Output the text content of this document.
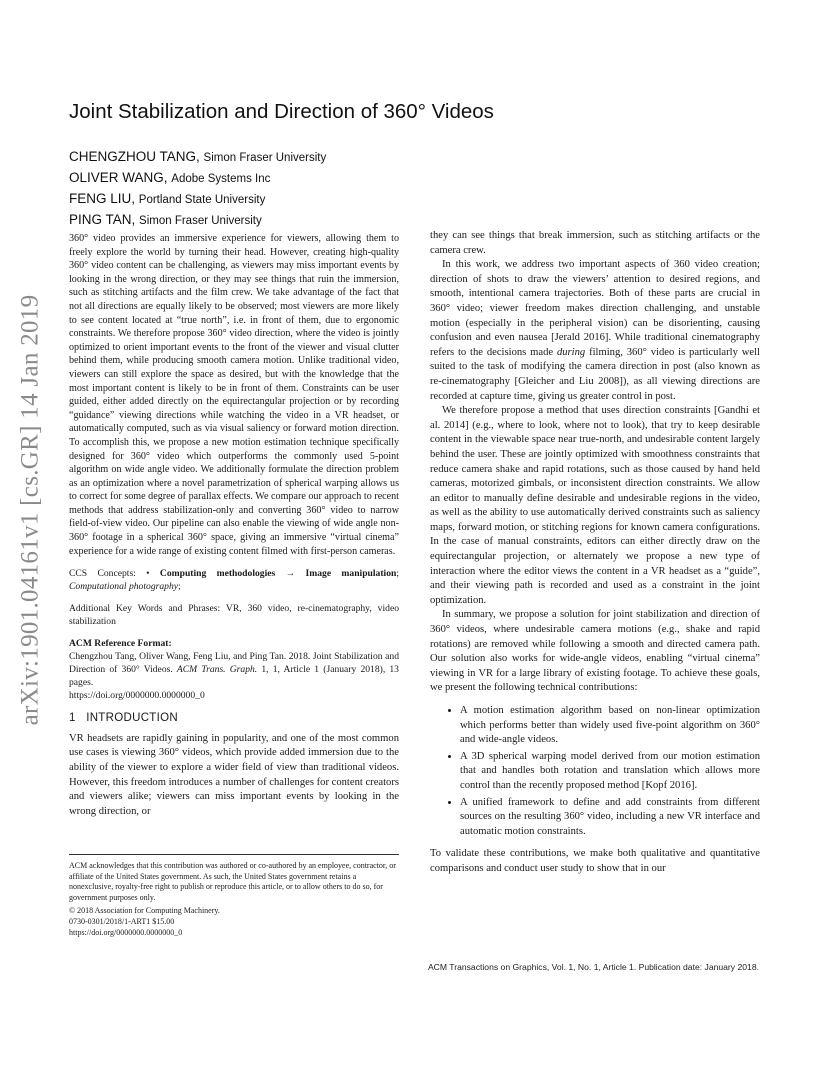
arXiv:1901.04161v1 [cs.GR] 14 Jan 2019
Joint Stabilization and Direction of 360° Videos
CHENGZHOU TANG, Simon Fraser University
OLIVER WANG, Adobe Systems Inc
FENG LIU, Portland State University
PING TAN, Simon Fraser University

360° video provides an immersive experience for viewers, allowing them to freely explore the world by turning their head. However, creating high-quality 360° video content can be challenging, as viewers may miss important events by looking in the wrong direction, or they may see things that ruin the immersion, such as stitching artifacts and the film crew. We take advantage of the fact that not all directions are equally likely to be observed; most viewers are more likely to see content located at “true north”, i.e. in front of them, due to ergonomic constraints. We therefore propose 360° video direction, where the video is jointly optimized to orient important events to the front of the viewer and visual clutter behind them, while producing smooth camera motion. Unlike traditional video, viewers can still explore the space as desired, but with the knowledge that the most important content is likely to be in front of them. Constraints can be user guided, either added directly on the equirectangular projection or by recording “guidance” viewing directions while watching the video in a VR headset, or automatically computed, such as via visual saliency or forward motion direction. To accomplish this, we propose a new motion estimation technique specifically designed for 360° video which outperforms the commonly used 5-point algorithm on wide angle video. We additionally formulate the direction problem as an optimization where a novel parametrization of spherical warping allows us to correct for some degree of parallax effects. We compare our approach to recent methods that address stabilization-only and converting 360° video to narrow field-of-view video. Our pipeline can also enable the viewing of wide angle non-360° footage in a spherical 360° space, giving an immersive “virtual cinema” experience for a wide range of existing content filmed with first-person cameras.

CCS Concepts: • Computing methodologies → Image manipulation; Computational photography;

Additional Key Words and Phrases: VR, 360 video, re-cinematography, video stabilization

ACM Reference Format:
Chengzhou Tang, Oliver Wang, Feng Liu, and Ping Tan. 2018. Joint Stabilization and Direction of 360° Videos. ACM Trans. Graph. 1, 1, Article 1 (January 2018), 13 pages.
https://doi.org/0000000.0000000_0

1 INTRODUCTION

VR headsets are rapidly gaining in popularity, and one of the most common use cases is viewing 360° videos, which provide added immersion due to the ability of the viewer to explore a wider field of view than traditional videos. However, this freedom introduces a number of challenges for content creators and viewers alike; viewers can miss important events by looking in the wrong direction, or

they can see things that break immersion, such as stitching artifacts or the camera crew.

In this work, we address two important aspects of 360 video creation; direction of shots to draw the viewers’ attention to desired regions, and smooth, intentional camera trajectories. Both of these parts are crucial in 360° video; viewer freedom makes direction challenging, and unstable motion (especially in the peripheral vision) can be disorienting, causing confusion and even nausea [Jerald 2016]. While traditional cinematography refers to the decisions made during filming, 360° video is particularly well suited to the task of modifying the camera direction in post (also known as re-cinematography [Gleicher and Liu 2008]), as all viewing directions are recorded at capture time, giving us greater control in post.

We therefore propose a method that uses direction constraints [Gandhi et al. 2014] (e.g., where to look, where not to look), that try to keep desirable content in the viewable space near true-north, and undesirable content largely behind the user. These are jointly optimized with smoothness constraints that reduce camera shake and rapid rotations, such as those caused by hand held cameras, motorized gimbals, or inconsistent direction constraints. We allow an editor to manually define desirable and undesirable regions in the video, as well as the ability to use automatically derived constraints such as saliency maps, forward motion, or stitching regions for known camera configurations. In the case of manual constraints, editors can either directly draw on the equirectangular projection, or alternately we propose a new type of interaction where the editor views the content in a VR headset as a “guide”, and their viewing path is recorded and used as a constraint in the joint optimization.

In summary, we propose a solution for joint stabilization and direction of 360° videos, where undesirable camera motions (e.g., shake and rapid rotations) are removed while following a smooth and directed camera path. Our solution also works for wide-angle videos, enabling “virtual cinema” viewing in VR for a large library of existing footage. To achieve these goals, we present the following technical contributions:

• A motion estimation algorithm based on non-linear optimization which performs better than widely used five-point algorithm on 360° and wide-angle videos.
• A 3D spherical warping model derived from our motion estimation that and handles both rotation and translation which allows more control than the recently proposed method [Kopf 2016].
• A unified framework to define and add constraints from different sources on the resulting 360° video, including a new VR interface and automatic motion constraints.

To validate these contributions, we make both qualitative and quantitative comparisons and conduct user study to show that in our

ACM acknowledges that this contribution was authored or co-authored by an employee, contractor, or affiliate of the United States government. As such, the United States government retains a nonexclusive, royalty-free right to publish or reproduce this article, or to allow others to do so, for government purposes only.

© 2018 Association for Computing Machinery.
0730-0301/2018/1-ART1 $15.00
https://doi.org/0000000.0000000_0

ACM Transactions on Graphics, Vol. 1, No. 1, Article 1. Publication date: January 2018.
